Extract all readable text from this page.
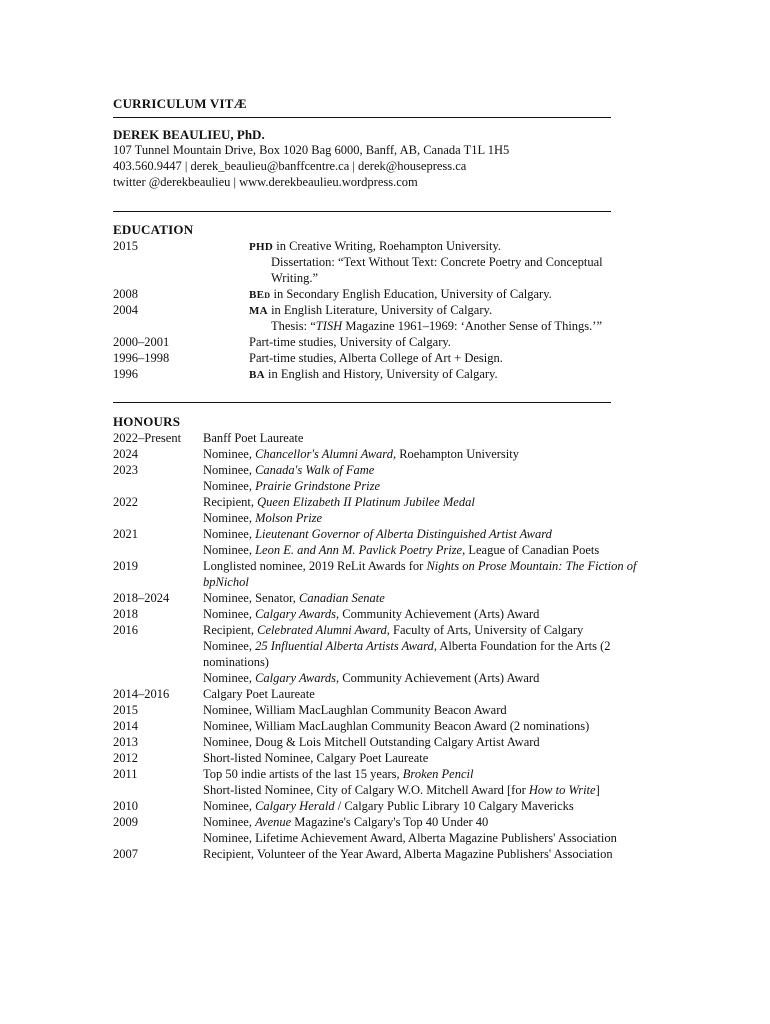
CURRICULUM VITÆ
DEREK BEAULIEU, PhD.
107 Tunnel Mountain Drive, Box 1020 Bag 6000, Banff, AB, Canada T1L 1H5
403.560.9447 | derek_beaulieu@banffcentre.ca | derek@housepress.ca
twitter @derekbeaulieu | www.derekbeaulieu.wordpress.com
EDUCATION
2015	PHD in Creative Writing, Roehampton University.
Dissertation: “Text Without Text: Concrete Poetry and Conceptual
Writing.”
2008	BEd in Secondary English Education, University of Calgary.
2004	MA in English Literature, University of Calgary.
Thesis: “TISH Magazine 1961–1969: ‘Another Sense of Things.’”
2000–2001	Part-time studies, University of Calgary.
1996–1998	Part-time studies, Alberta College of Art + Design.
1996	BA in English and History, University of Calgary.
HONOURS
2022–Present Banff Poet Laureate
2024	Nominee, Chancellor's Alumni Award, Roehampton University
2023	Nominee, Canada's Walk of Fame
Nominee, Prairie Grindstone Prize
2022	Recipient, Queen Elizabeth II Platinum Jubilee Medal
Nominee, Molson Prize
2021	Nominee, Lieutenant Governor of Alberta Distinguished Artist Award
Nominee, Leon E. and Ann M. Pavlick Poetry Prize, League of Canadian Poets
2019	Longlisted nominee, 2019 ReLit Awards for Nights on Prose Mountain: The Fiction of
bpNichol
2018–2024	Nominee, Senator, Canadian Senate
2018	Nominee, Calgary Awards, Community Achievement (Arts) Award
2016	Recipient, Celebrated Alumni Award, Faculty of Arts, University of Calgary
Nominee, 25 Influential Alberta Artists Award, Alberta Foundation for the Arts (2
nominations)
Nominee, Calgary Awards, Community Achievement (Arts) Award
2014–2016	Calgary Poet Laureate
2015	Nominee, William MacLaughlan Community Beacon Award
2014	Nominee, William MacLaughlan Community Beacon Award (2 nominations)
2013	Nominee, Doug & Lois Mitchell Outstanding Calgary Artist Award
2012	Short-listed Nominee, Calgary Poet Laureate
2011	Top 50 indie artists of the last 15 years, Broken Pencil
Short-listed Nominee, City of Calgary W.O. Mitchell Award [for How to Write]
2010	Nominee, Calgary Herald / Calgary Public Library 10 Calgary Mavericks
2009	Nominee, Avenue Magazine's Calgary's Top 40 Under 40
Nominee, Lifetime Achievement Award, Alberta Magazine Publishers' Association
2007	Recipient, Volunteer of the Year Award, Alberta Magazine Publishers' Association
